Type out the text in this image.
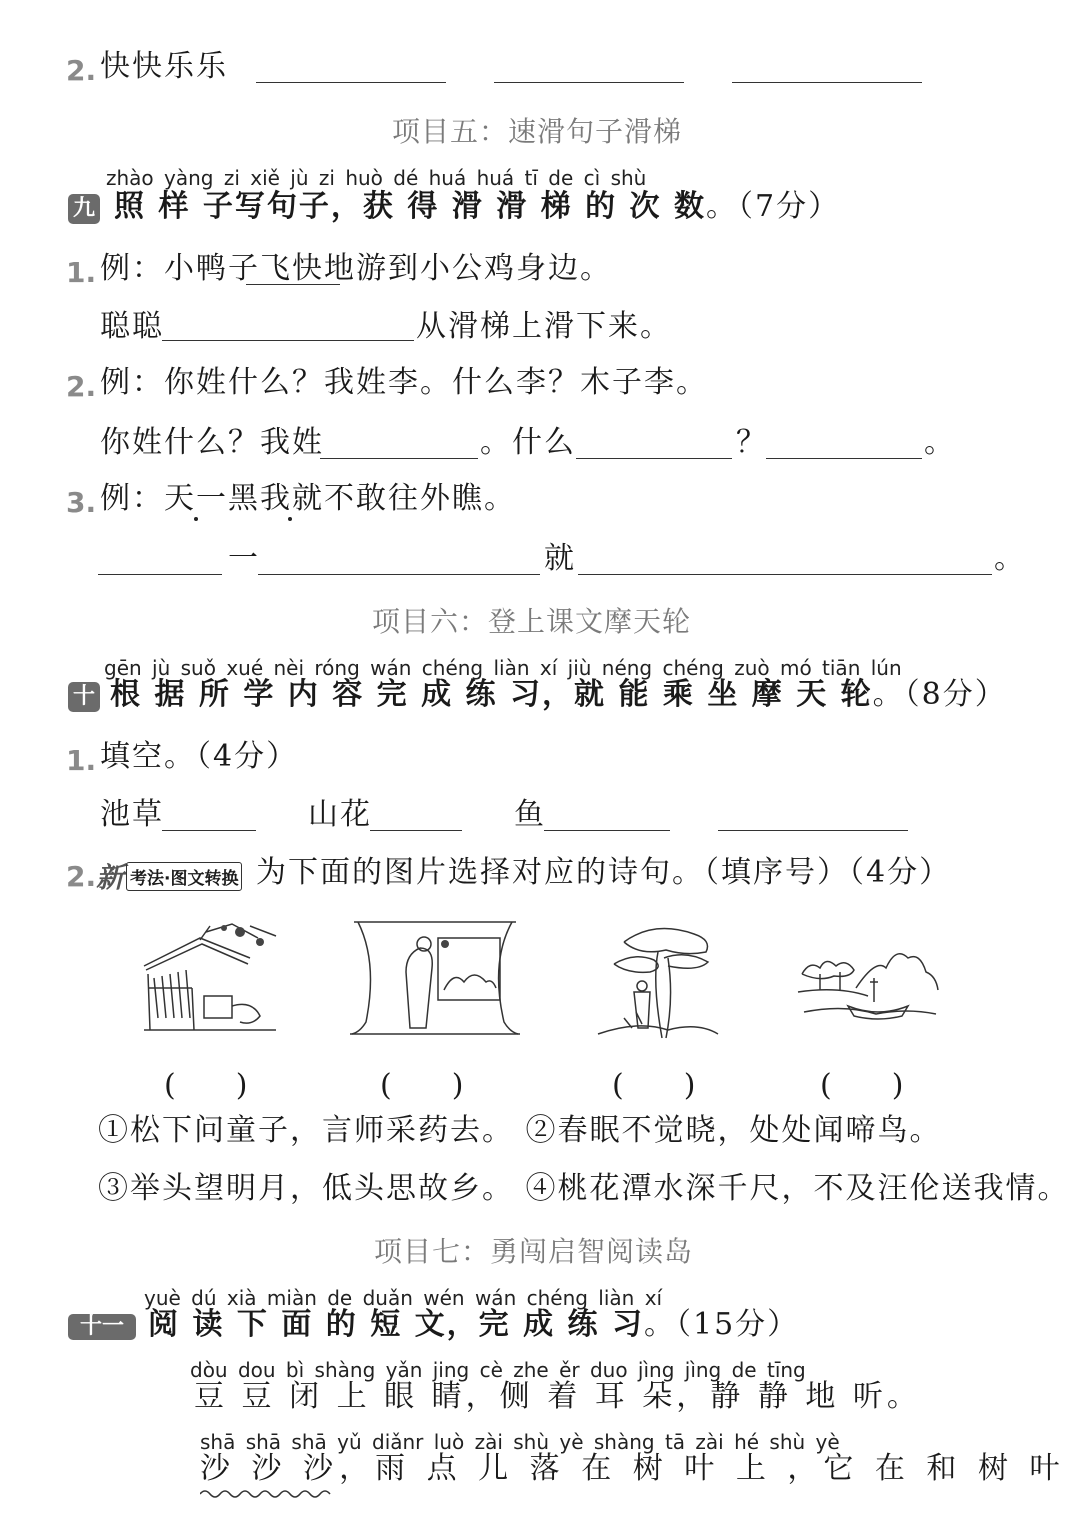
2. 快快乐乐
项目五：速滑句子滑梯
zhào yàng zi xiě jù zi huò dé huá huá tī de cì shù
九 照 样 子写句子，获 得 滑 滑 梯 的 次 数。（7分）
1. 例：小鸭子飞快地游到小公鸡身边。
聪聪	从滑梯上滑下来。
2. 例：你姓什么？我姓李。什么李？木子李。
你姓什么？我姓	。什么	？	。
3. 例：天一黑我就不敢往外瞧。
一	就	。
项目六：登上课文摩天轮
gēn jù suǒ xué nèi róng wán chéng liàn xí jiù néng chéng zuò mó tiān lún
十 根 据 所 学 内 容 完 成 练 习，就 能 乘 坐 摩 天 轮。（8分）
1. 填空。（4分）
池草	山花	鱼
2. 新 考法·图文转换 为下面的图片选择对应的诗句。（填序号）（4分）
(　　)	(　　)	(　　)	(　　)
①松下问童子，言师采药去。 ②春眠不觉晓，处处闻啼鸟。
③举头望明月，低头思故乡。 ④桃花潭水深千尺，不及汪伦送我情。
项目七：勇闯启智阅读岛
yuè dú xià miàn de duǎn wén wán chéng liàn xí
十一 阅 读 下 面 的 短 文，完 成 练 习。（15分）
dòu dou bì shàng yǎn jing cè zhe ěr duo jìng jìng de tīng
豆 豆 闭 上 眼 睛，侧 着 耳 朵，静 静 地 听。
shā shā shā yǔ diǎnr luò zài shù yè shàng tā zài hé shù yè
沙 沙 沙，雨 点 儿 落 在 树 叶 上 ，它 在 和 树 叶
